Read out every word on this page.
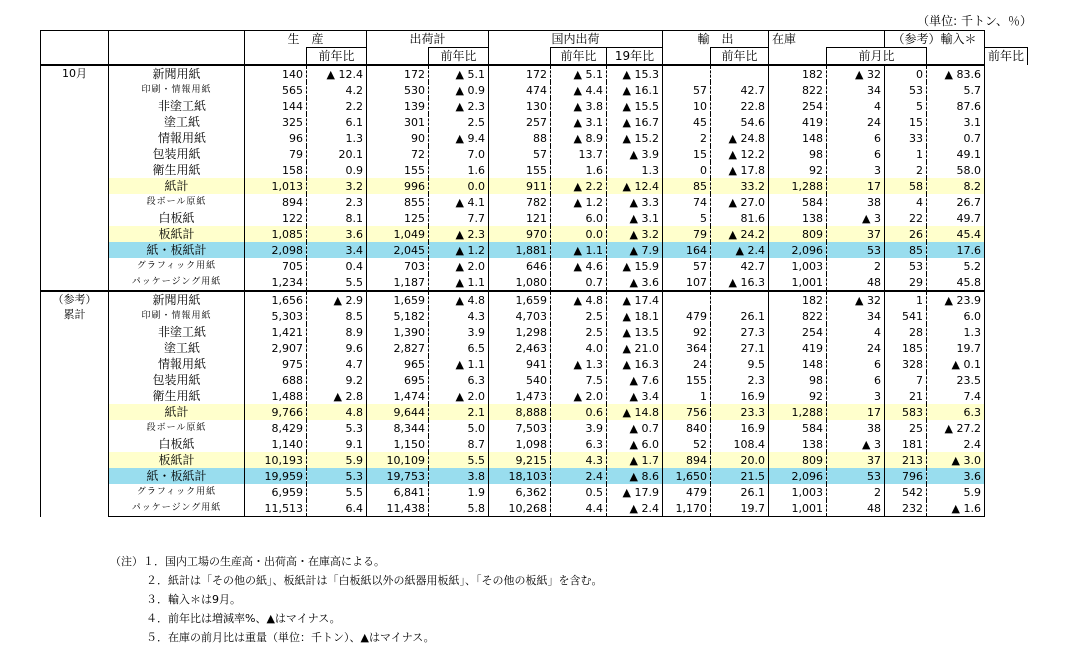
（単位: 千トン、％）
		生　産		出荷計		国内出荷			輸　出		在庫		（参考）輸入＊		
			前年比		前年比		前年比	19年比		前年比		前月比			前年比

10月	新聞用紙	140	▲ 12.4	172	▲ 5.1	172	▲ 5.1	▲ 15.3			182	▲ 32	0	▲ 83.6	
	印刷・情報用紙	565	4.2	530	▲ 0.9	474	▲ 4.4	▲ 16.1	57	42.7	822	34	53	5.7	
	非塗工紙	144	2.2	139	▲ 2.3	130	▲ 3.8	▲ 15.5	10	22.8	254	4	5	87.6	
	塗工紙	325	6.1	301	2.5	257	▲ 3.1	▲ 16.7	45	54.6	419	24	15	3.1	
	情報用紙	96	1.3	90	▲ 9.4	88	▲ 8.9	▲ 15.2	2	▲ 24.8	148	6	33	0.7	
	包装用紙	79	20.1	72	7.0	57	13.7	▲ 3.9	15	▲ 12.2	98	6	1	49.1	
	衛生用紙	158	0.9	155	1.6	155	1.6	1.3	0	▲ 17.8	92	3	2	58.0	
	紙計	1,013	3.2	996	0.0	911	▲ 2.2	▲ 12.4	85	33.2	1,288	17	58	8.2	
	段ボール原紙	894	2.3	855	▲ 4.1	782	▲ 1.2	▲ 3.3	74	▲ 27.0	584	38	4	26.7	
	白板紙	122	8.1	125	7.7	121	6.0	▲ 3.1	5	81.6	138	▲ 3	22	49.7	
	板紙計	1,085	3.6	1,049	▲ 2.3	970	0.0	▲ 3.2	79	▲ 24.2	809	37	26	45.4	
	紙・板紙計	2,098	3.4	2,045	▲ 1.2	1,881	▲ 1.1	▲ 7.9	164	▲ 2.4	2,096	53	85	17.6	
	グラフィック用紙	705	0.4	703	▲ 2.0	646	▲ 4.6	▲ 15.9	57	42.7	1,003	2	53	5.2	
	パッケージング用紙	1,234	5.5	1,187	▲ 1.1	1,080	0.7	▲ 3.6	107	▲ 16.3	1,001	48	29	45.8	

（参考）
累計	新聞用紙	1,656	▲ 2.9	1,659	▲ 4.8	1,659	▲ 4.8	▲ 17.4			182	▲ 32	1	▲ 23.9	
	印刷・情報用紙	5,303	8.5	5,182	4.3	4,703	2.5	▲ 18.1	479	26.1	822	34	541	6.0	
	非塗工紙	1,421	8.9	1,390	3.9	1,298	2.5	▲ 13.5	92	27.3	254	4	28	1.3	
	塗工紙	2,907	9.6	2,827	6.5	2,463	4.0	▲ 21.0	364	27.1	419	24	185	19.7	
	情報用紙	975	4.7	965	▲ 1.1	941	▲ 1.3	▲ 16.3	24	9.5	148	6	328	▲ 0.1	
	包装用紙	688	9.2	695	6.3	540	7.5	▲ 7.6	155	2.3	98	6	7	23.5	
	衛生用紙	1,488	▲ 2.8	1,474	▲ 2.0	1,473	▲ 2.0	▲ 3.4	1	16.9	92	3	21	7.4	
	紙計	9,766	4.8	9,644	2.1	8,888	0.6	▲ 14.8	756	23.3	1,288	17	583	6.3	
	段ボール原紙	8,429	5.3	8,344	5.0	7,503	3.9	▲ 0.7	840	16.9	584	38	25	▲ 27.2	
	白板紙	1,140	9.1	1,150	8.7	1,098	6.3	▲ 6.0	52	108.4	138	▲ 3	181	2.4	
	板紙計	10,193	5.9	10,109	5.5	9,215	4.3	▲ 1.7	894	20.0	809	37	213	▲ 3.0	
	紙・板紙計	19,959	5.3	19,753	3.8	18,103	2.4	▲ 8.6	1,650	21.5	2,096	53	796	3.6	
	グラフィック用紙	6,959	5.5	6,841	1.9	6,362	0.5	▲ 17.9	479	26.1	1,003	2	542	5.9	
	パッケージング用紙	11,513	6.4	11,438	5.8	10,268	4.4	▲ 2.4	1,170	19.7	1,001	48	232	▲ 1.6	
（注）１．国内工場の生産高・出荷高・在庫高による。
２．紙計は「その他の紙」、板紙計は「白板紙以外の紙器用板紙」、「その他の板紙」を含む。
３．輸入＊は9月。
４．前年比は増減率%、▲はマイナス。
５．在庫の前月比は重量（単位：千トン）、▲はマイナス。
